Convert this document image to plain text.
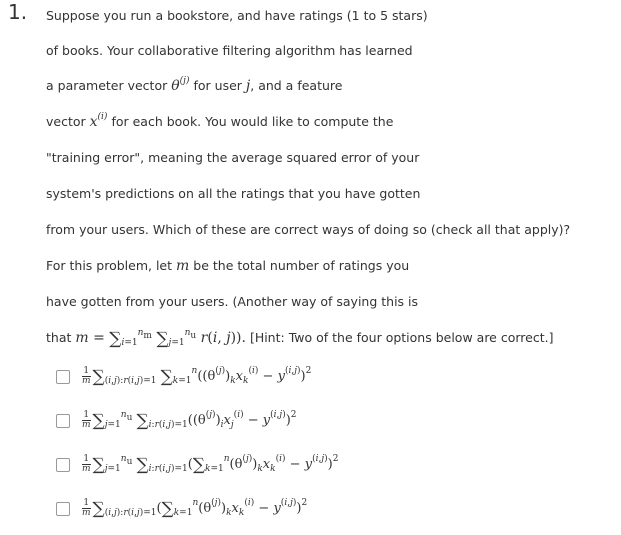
1. Suppose you run a bookstore, and have ratings (1 to 5 stars)
of books. Your collaborative filtering algorithm has learned
a parameter vector $\theta^{(j)}$ for user j, and a feature
vector $x^{(i)}$ for each book. You would like to compute the
"training error", meaning the average squared error of your
system's predictions on all the ratings that you have gotten
from your users. Which of these are correct ways of doing so (check all that apply)?
For this problem, let m be the total number of ratings you
have gotten from your users. (Another way of saying this is
that $m = \sum_{i=1}^{n_m}$ $\sum_{j=1}^{n_u}$ r(i, j)). [Hint: Two of the four options below are correct.]
$\frac{1}{m} \sum_{(i,j):r(i,j)=1}$ $\sum_{k=1}^n((\theta^{(j)})_kx_k^{(i)} - y^{(i,j)})^2$
$\frac{1}{m} \sum_{j=1}^{n_u}$ $\sum_{i:r(i,j)=1}((\theta^{(j)})_ix_j^{(i)} - y^{(i,j)})^2$
$\frac{1}{m} \sum_{j=1}^{n_u}$ $\sum_{i:r(i,j)=1}(\sum_{k=1}^n(\theta^{(j)})_kx_k^{(i)} - y^{(i,j)})^2$
$\frac{1}{m} \sum_{(i,j):r(i,j)=1}(\sum_{k=1}^n(\theta^{(j)})_kx_k^{(i)} - y^{(i,j)})^2$
